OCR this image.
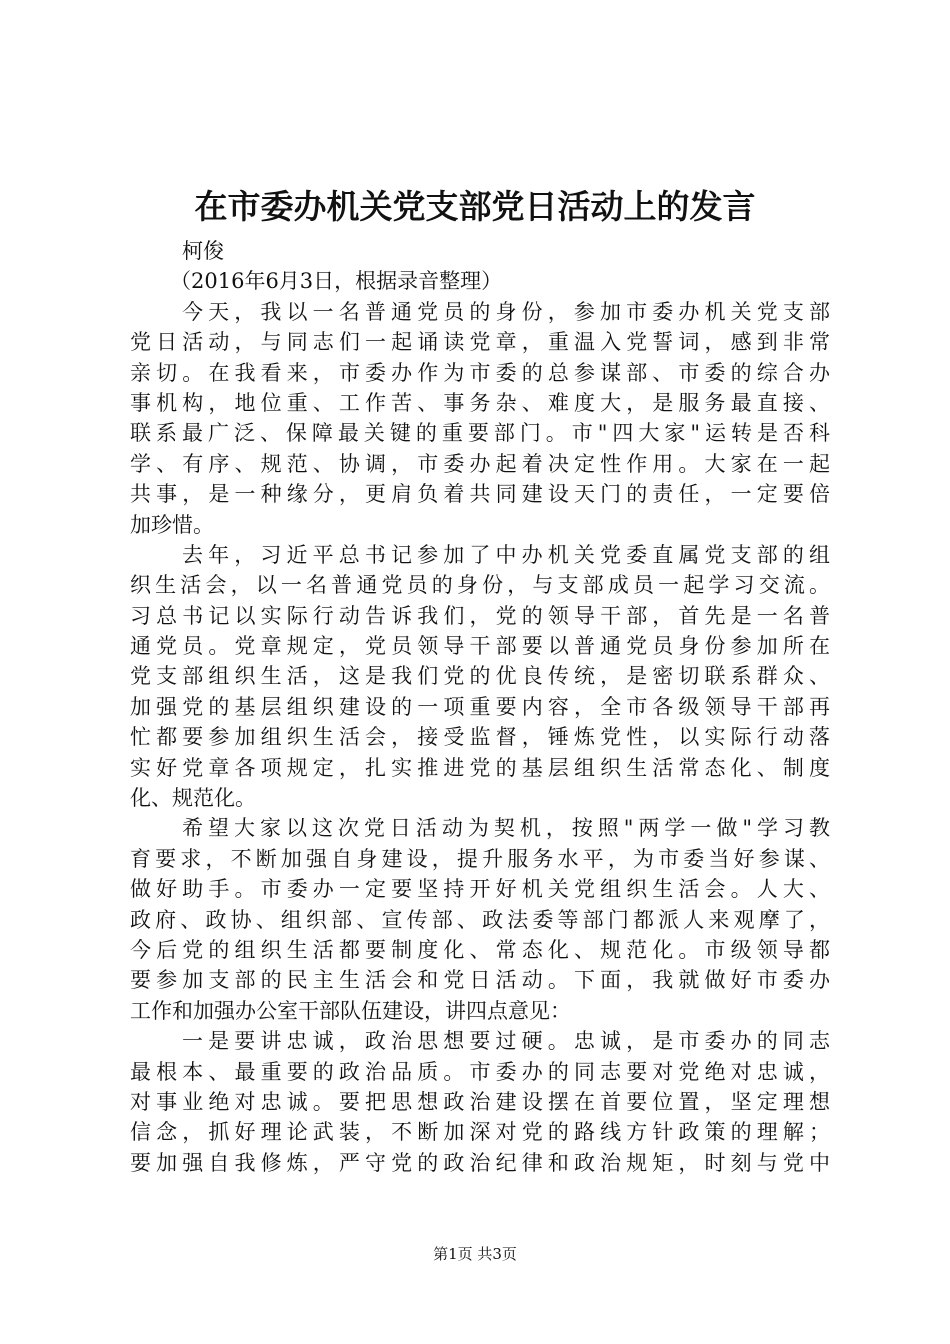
在市委办机关党支部党日活动上的发言
柯俊
（2016年6月3日，根据录音整理）
今天，我以一名普通党员的身份，参加市委办机关党支部
党日活动，与同志们一起诵读党章，重温入党誓词，感到非常
亲切。在我看来，市委办作为市委的总参谋部、市委的综合办
事机构，地位重、工作苦、事务杂、难度大，是服务最直接、
联系最广泛、保障最关键的重要部门。市"四大家"运转是否科
学、有序、规范、协调，市委办起着决定性作用。大家在一起
共事，是一种缘分，更肩负着共同建设天门的责任，一定要倍
加珍惜。
去年，习近平总书记参加了中办机关党委直属党支部的组
织生活会，以一名普通党员的身份，与支部成员一起学习交流。
习总书记以实际行动告诉我们，党的领导干部，首先是一名普
通党员。党章规定，党员领导干部要以普通党员身份参加所在
党支部组织生活，这是我们党的优良传统，是密切联系群众、
加强党的基层组织建设的一项重要内容，全市各级领导干部再
忙都要参加组织生活会，接受监督，锤炼党性，以实际行动落
实好党章各项规定，扎实推进党的基层组织生活常态化、制度
化、规范化。
希望大家以这次党日活动为契机，按照"两学一做"学习教
育要求，不断加强自身建设，提升服务水平，为市委当好参谋、
做好助手。市委办一定要坚持开好机关党组织生活会。人大、
政府、政协、组织部、宣传部、政法委等部门都派人来观摩了，
今后党的组织生活都要制度化、常态化、规范化。市级领导都
要参加支部的民主生活会和党日活动。下面，我就做好市委办
工作和加强办公室干部队伍建设，讲四点意见：
一是要讲忠诚，政治思想要过硬。忠诚，是市委办的同志
最根本、最重要的政治品质。市委办的同志要对党绝对忠诚，
对事业绝对忠诚。要把思想政治建设摆在首要位置，坚定理想
信念，抓好理论武装，不断加深对党的路线方针政策的理解；
要加强自我修炼，严守党的政治纪律和政治规矩，时刻与党中
第1页 共3页
